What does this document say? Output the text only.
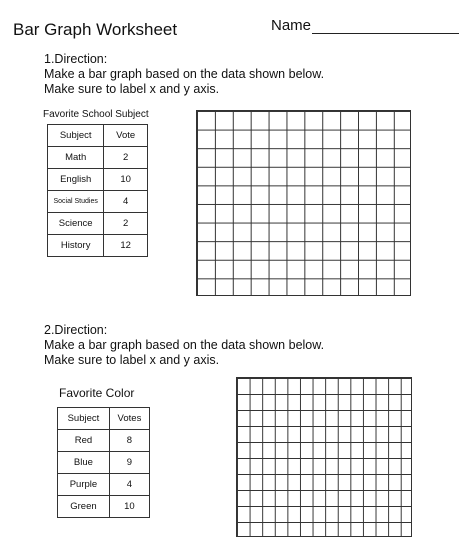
Bar Graph Worksheet	Name
1.Direction:
Make a bar graph based on the data shown below.
Make sure to label x and y axis.
Favorite School Subject
Subject	Vote
Math	2
English	10
Social Studies	4
Science	2
History	12
2.Direction:
Make a bar graph based on the data shown below.
Make sure to label x and y axis.
Favorite Color
Subject	Votes
Red	8
Blue	9
Purple	4
Green	10
